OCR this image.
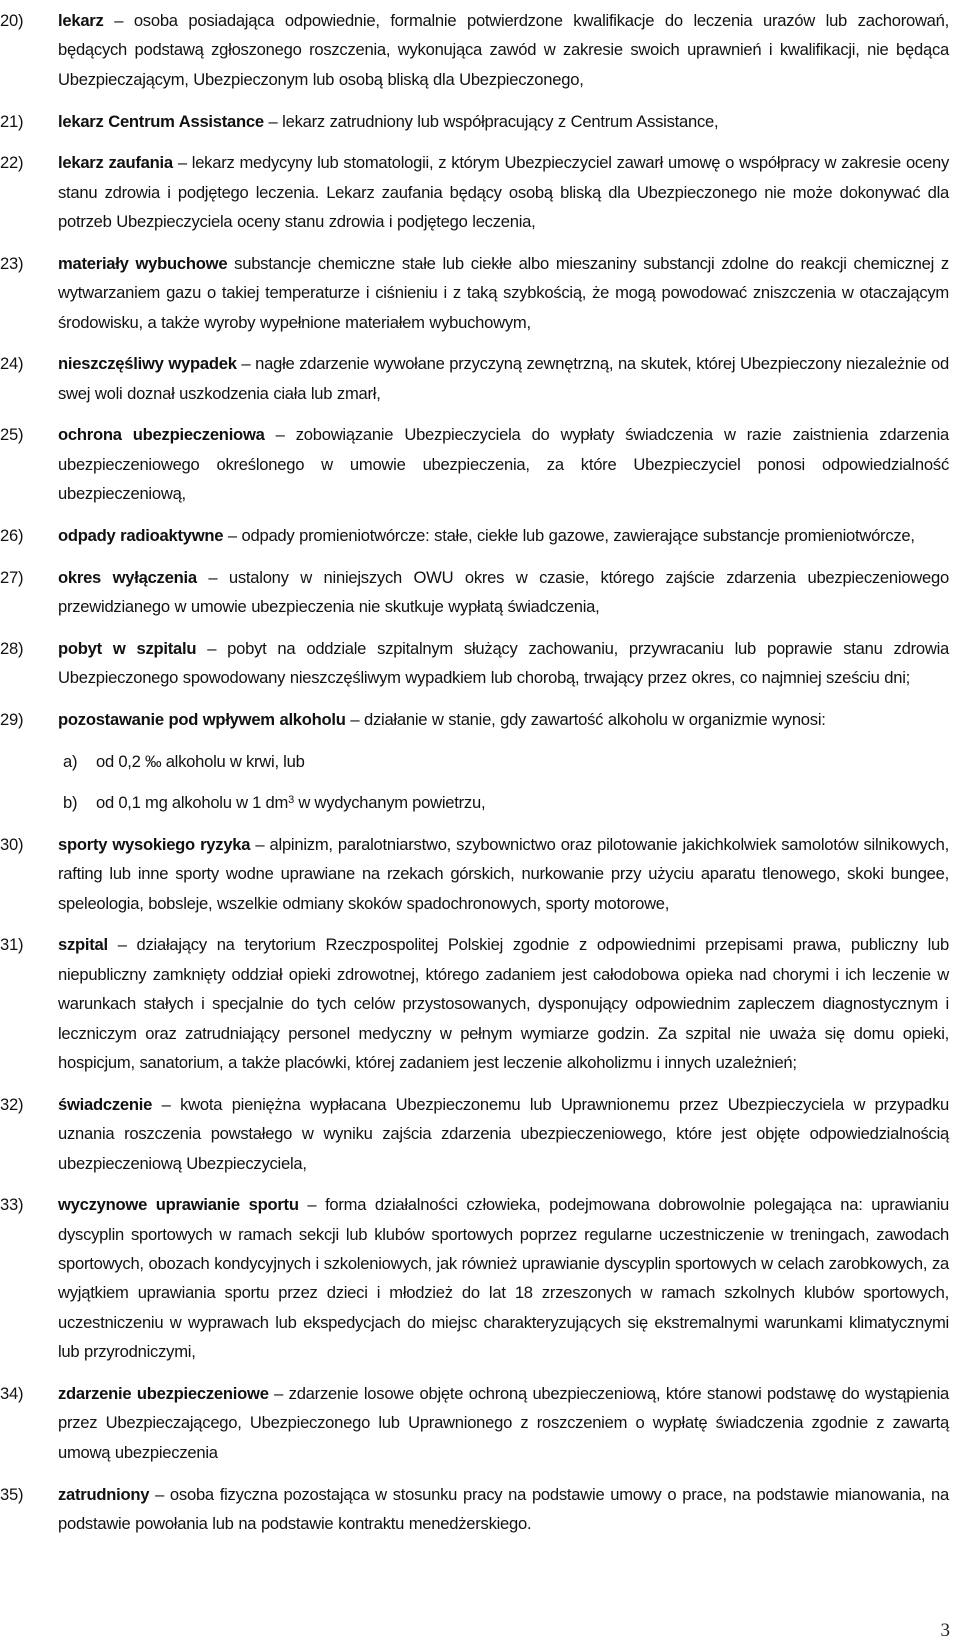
20)	lekarz – osoba posiadająca odpowiednie, formalnie potwierdzone kwalifikacje do leczenia urazów lub zachorowań, będących podstawą zgłoszonego roszczenia, wykonująca zawód w zakresie swoich uprawnień i kwalifikacji, nie będąca Ubezpieczającym, Ubezpieczonym lub osobą bliską dla Ubezpieczonego,
21)	lekarz Centrum Assistance – lekarz zatrudniony lub współpracujący z Centrum Assistance,
22)	lekarz zaufania – lekarz medycyny lub stomatologii, z którym Ubezpieczyciel zawarł umowę o współpracy w zakresie oceny stanu zdrowia i podjętego leczenia. Lekarz zaufania będący osobą bliską dla Ubezpieczonego nie może dokonywać dla potrzeb Ubezpieczyciela oceny stanu zdrowia i podjętego leczenia,
23)	materiały wybuchowe substancje chemiczne stałe lub ciekłe albo mieszaniny substancji zdolne do reakcji chemicznej z wytwarzaniem gazu o takiej temperaturze i ciśnieniu i z taką szybkością, że mogą powodować zniszczenia w otaczającym środowisku, a także wyroby wypełnione materiałem wybuchowym,
24)	nieszczęśliwy wypadek – nagłe zdarzenie wywołane przyczyną zewnętrzną, na skutek, której Ubezpieczony niezależnie od swej woli doznał uszkodzenia ciała lub zmarł,
25)	ochrona ubezpieczeniowa – zobowiązanie Ubezpieczyciela do wypłaty świadczenia w razie zaistnienia zdarzenia ubezpieczeniowego określonego w umowie ubezpieczenia, za które Ubezpieczyciel ponosi odpowiedzialność ubezpieczeniową,
26)	odpady radioaktywne – odpady promieniotwórcze: stałe, ciekłe lub gazowe, zawierające substancje promieniotwórcze,
27)	okres wyłączenia – ustalony w niniejszych OWU okres w czasie, którego zajście zdarzenia ubezpieczeniowego przewidzianego w umowie ubezpieczenia nie skutkuje wypłatą świadczenia,
28)	pobyt w szpitalu – pobyt na oddziale szpitalnym służący zachowaniu, przywracaniu lub poprawie stanu zdrowia Ubezpieczonego spowodowany nieszczęśliwym wypadkiem lub chorobą, trwający przez okres, co najmniej sześciu dni;
29)	pozostawanie pod wpływem alkoholu – działanie w stanie, gdy zawartość alkoholu w organizmie wynosi:
a)	od 0,2 ‰ alkoholu w krwi, lub
b)	od 0,1 mg alkoholu w 1 $dm^3$ w wydychanym powietrzu,
30)	sporty wysokiego ryzyka – alpinizm, paralotniarstwo, szybownictwo oraz pilotowanie jakichkolwiek samolotów silnikowych, rafting lub inne sporty wodne uprawiane na rzekach górskich, nurkowanie przy użyciu aparatu tlenowego, skoki bungee, speleologia, bobsleje, wszelkie odmiany skoków spadochronowych, sporty motorowe,
31)	szpital – działający na terytorium Rzeczpospolitej Polskiej zgodnie z odpowiednimi przepisami prawa, publiczny lub niepubliczny zamknięty oddział opieki zdrowotnej, którego zadaniem jest całodobowa opieka nad chorymi i ich leczenie w warunkach stałych i specjalnie do tych celów przystosowanych, dysponujący odpowiednim zapleczem diagnostycznym i leczniczym oraz zatrudniający personel medyczny w pełnym wymiarze godzin. Za szpital nie uważa się domu opieki, hospicjum, sanatorium, a także placówki, której zadaniem jest leczenie alkoholizmu i innych uzależnień;
32)	świadczenie – kwota pieniężna wypłacana Ubezpieczonemu lub Uprawnionemu przez Ubezpieczyciela w przypadku uznania roszczenia powstałego w wyniku zajścia zdarzenia ubezpieczeniowego, które jest objęte odpowiedzialnością ubezpieczeniową Ubezpieczyciela,
33)	wyczynowe uprawianie sportu – forma działalności człowieka, podejmowana dobrowolnie polegająca na: uprawianiu dyscyplin sportowych w ramach sekcji lub klubów sportowych poprzez regularne uczestniczenie w treningach, zawodach sportowych, obozach kondycyjnych i szkoleniowych, jak również uprawianie dyscyplin sportowych w celach zarobkowych, za wyjątkiem uprawiania sportu przez dzieci i młodzież do lat 18 zrzeszonych w ramach szkolnych klubów sportowych, uczestniczeniu w wyprawach lub ekspedycjach do miejsc charakteryzujących się ekstremalnymi warunkami klimatycznymi lub przyrodniczymi,
34)	zdarzenie ubezpieczeniowe – zdarzenie losowe objęte ochroną ubezpieczeniową, które stanowi podstawę do wystąpienia przez Ubezpieczającego, Ubezpieczonego lub Uprawnionego z roszczeniem o wypłatę świadczenia zgodnie z zawartą umową ubezpieczenia
35)	zatrudniony – osoba fizyczna pozostająca w stosunku pracy na podstawie umowy o prace, na podstawie mianowania, na podstawie powołania lub na podstawie kontraktu menedżerskiego.
3
